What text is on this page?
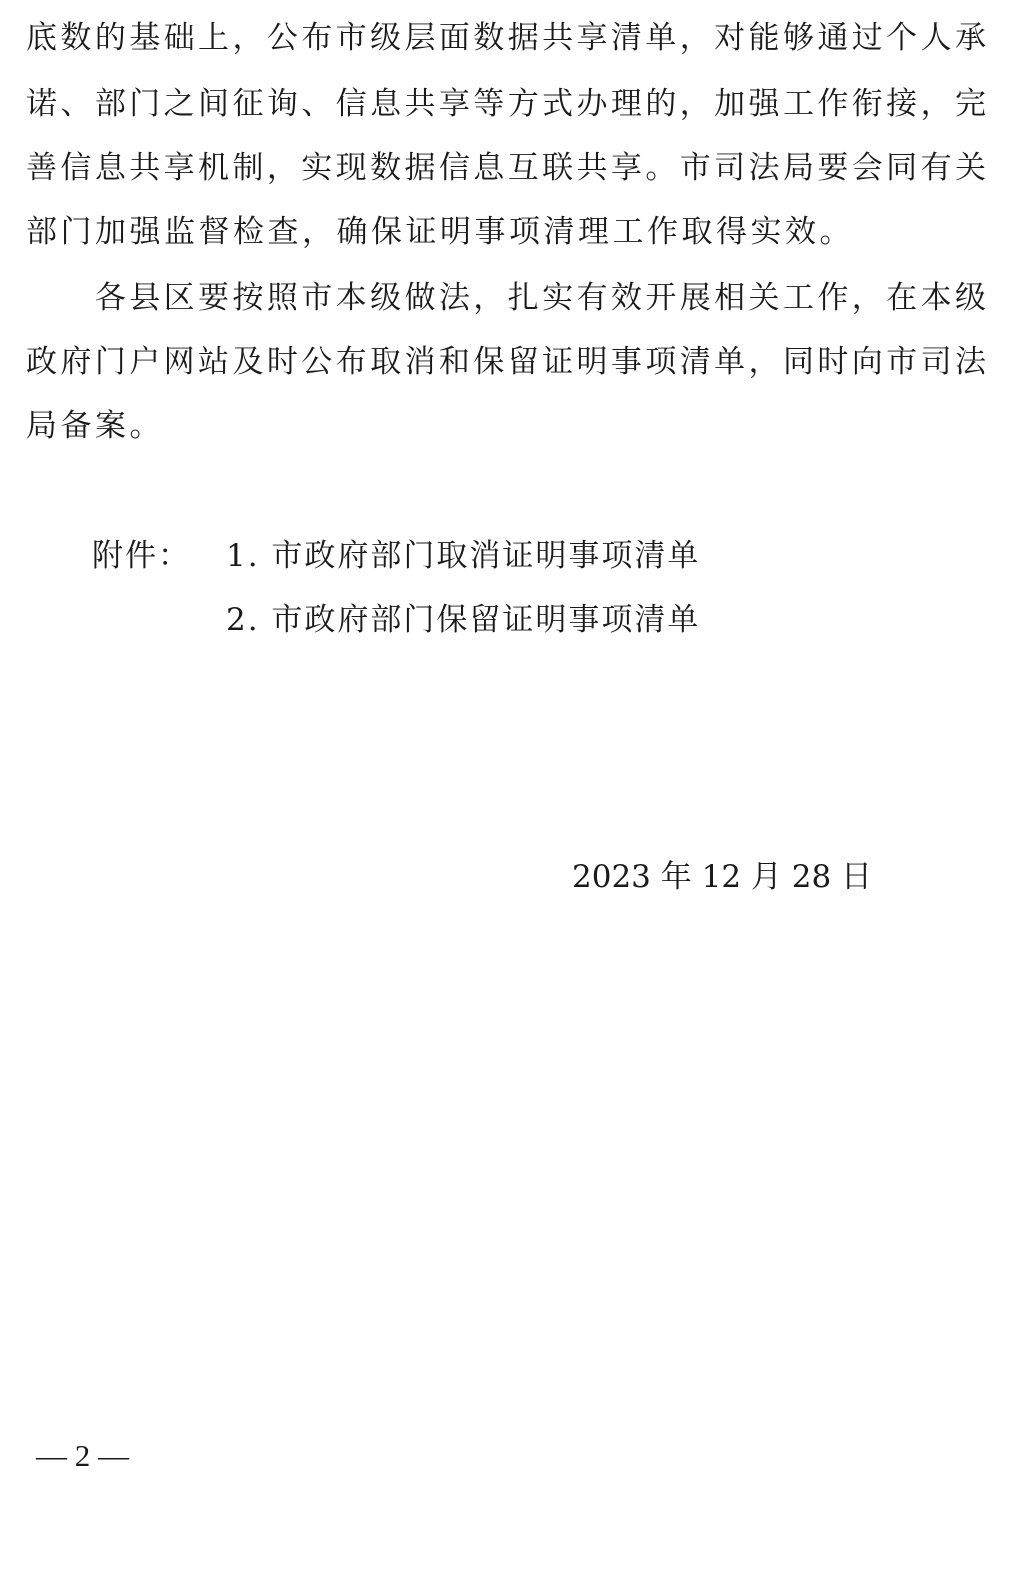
底数的基础上，公布市级层面数据共享清单，对能够通过个人承
诺、部门之间征询、信息共享等方式办理的，加强工作衔接，完
善信息共享机制，实现数据信息互联共享。市司法局要会同有关
部门加强监督检查，确保证明事项清理工作取得实效。
　　各县区要按照市本级做法，扎实有效开展相关工作，在本级
政府门户网站及时公布取消和保留证明事项清单，同时向市司法
局备案。
附件： 1. 市政府部门取消证明事项清单
2. 市政府部门保留证明事项清单
2023 年 12 月 28 日
— 2 —
